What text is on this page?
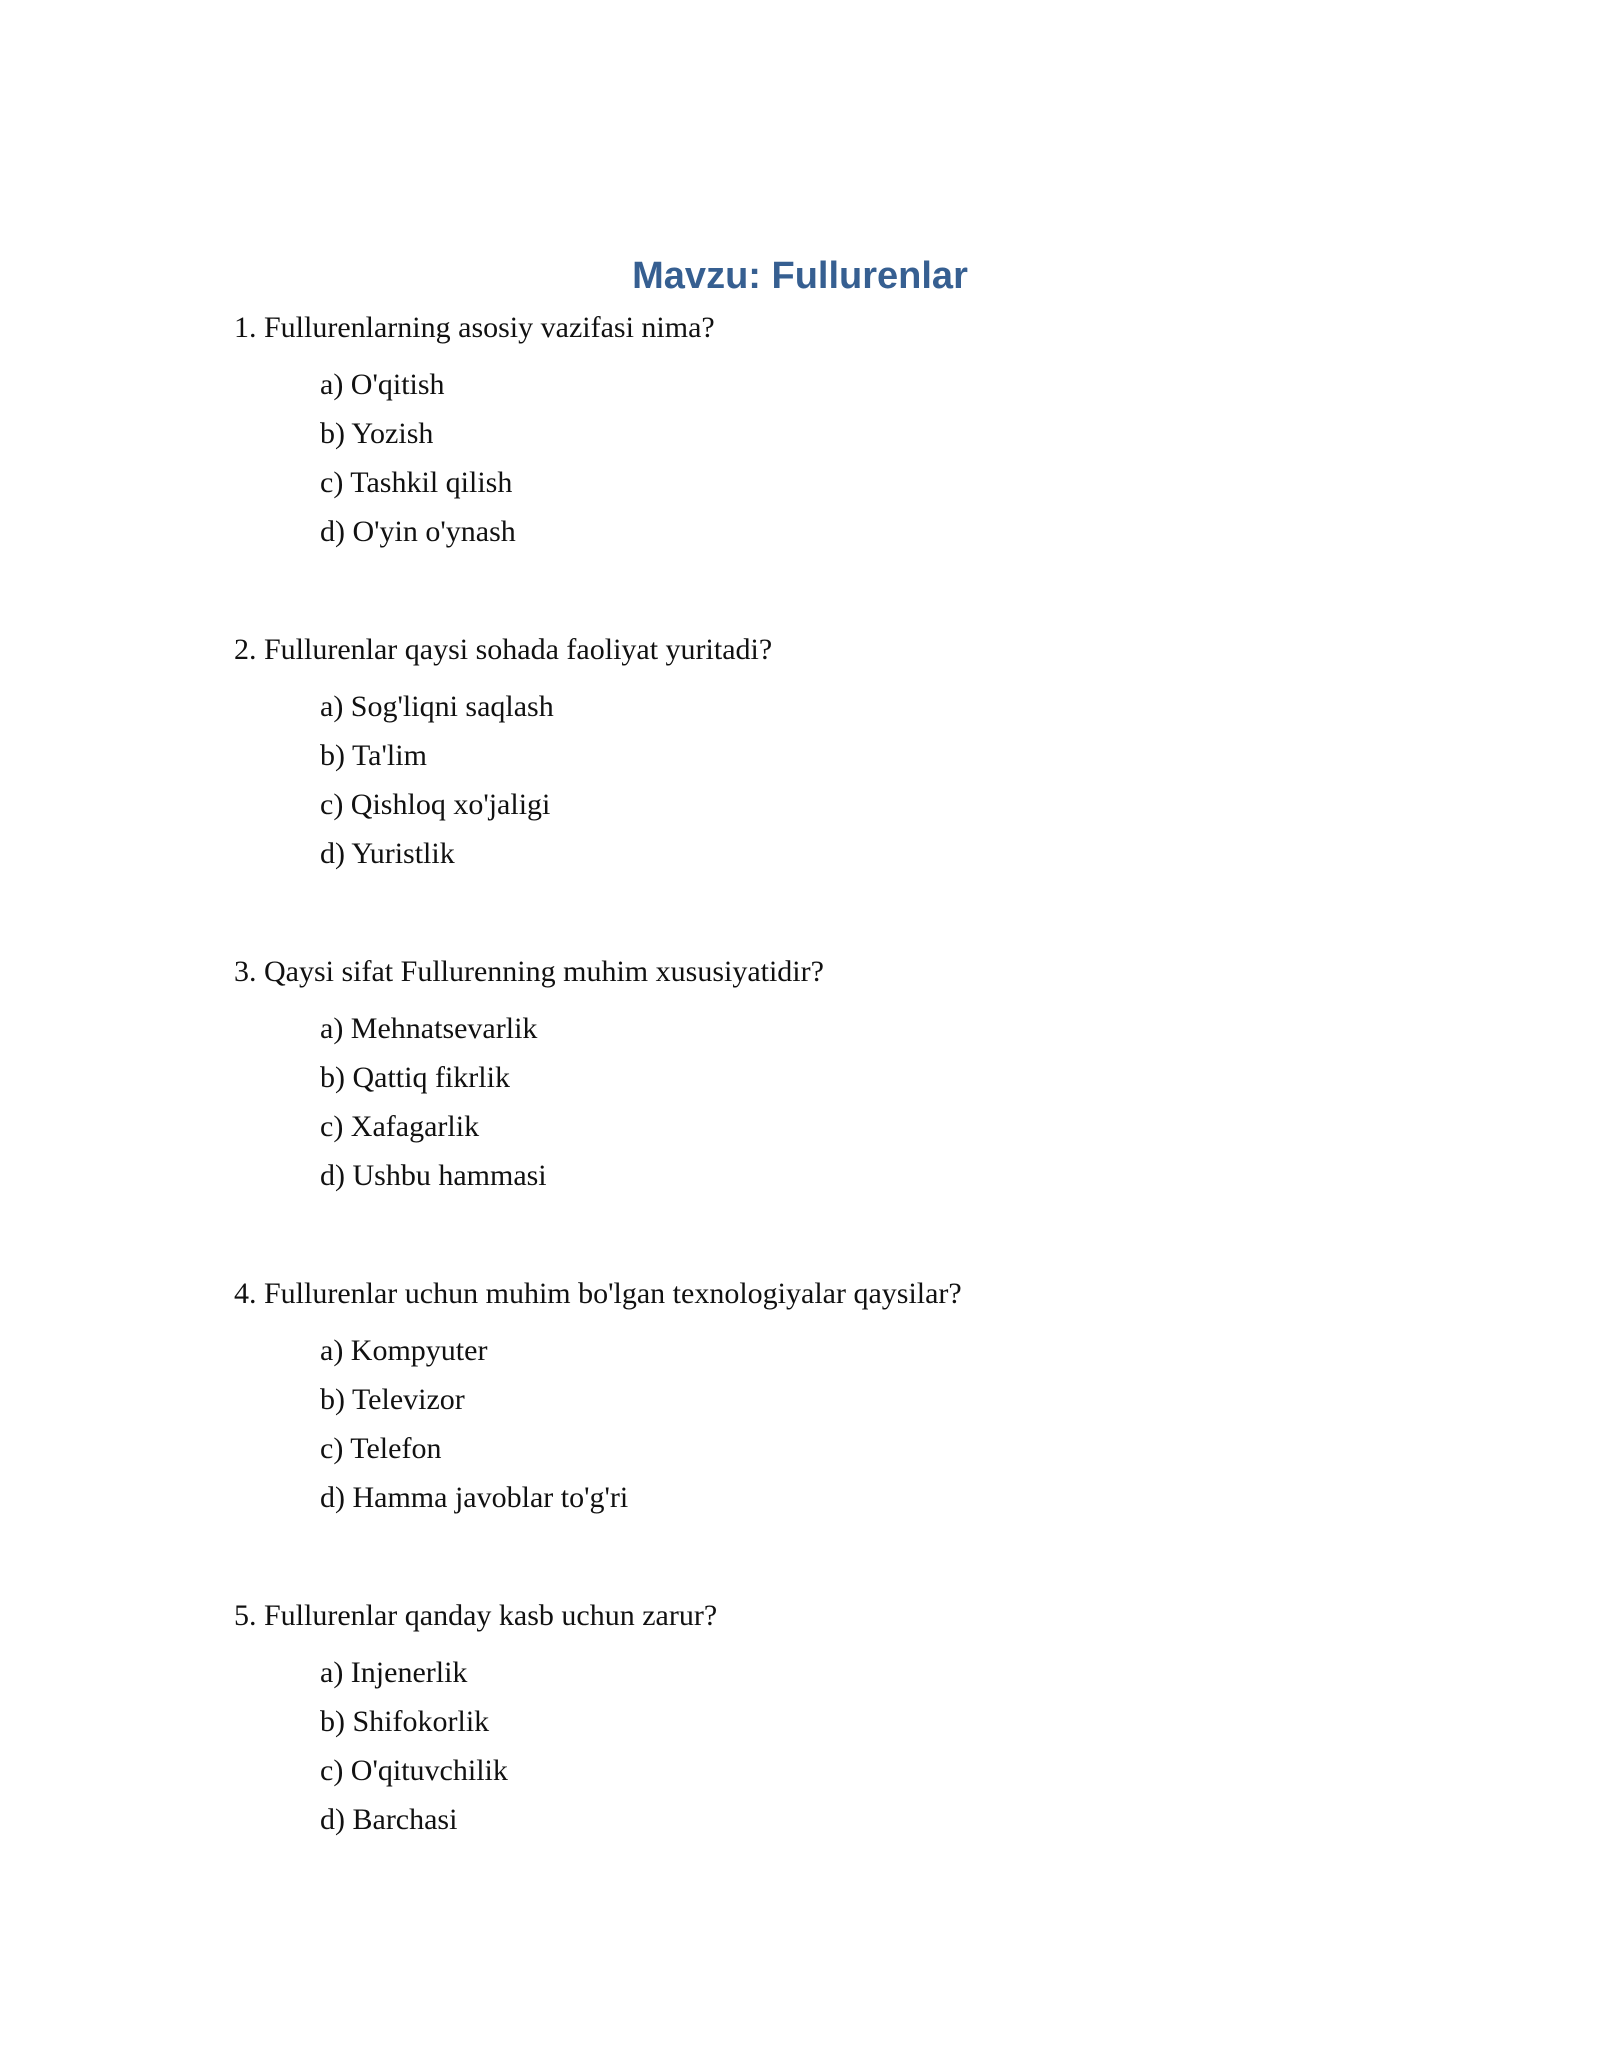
Mavzu: Fullurenlar

1. Fullurenlarning asosiy vazifasi nima?

a) O'qitish
b) Yozish
c) Tashkil qilish
d) O'yin o'ynash

2. Fullurenlar qaysi sohada faoliyat yuritadi?

a) Sog'liqni saqlash
b) Ta'lim
c) Qishloq xo'jaligi
d) Yuristlik

3. Qaysi sifat Fullurenning muhim xususiyatidir?

a) Mehnatsevarlik
b) Qattiq fikrlik
c) Xafagarlik
d) Ushbu hammasi

4. Fullurenlar uchun muhim bo'lgan texnologiyalar qaysilar?

a) Kompyuter
b) Televizor
c) Telefon
d) Hamma javoblar to'g'ri

5. Fullurenlar qanday kasb uchun zarur?

a) Injenerlik
b) Shifokorlik
c) O'qituvchilik
d) Barchasi
